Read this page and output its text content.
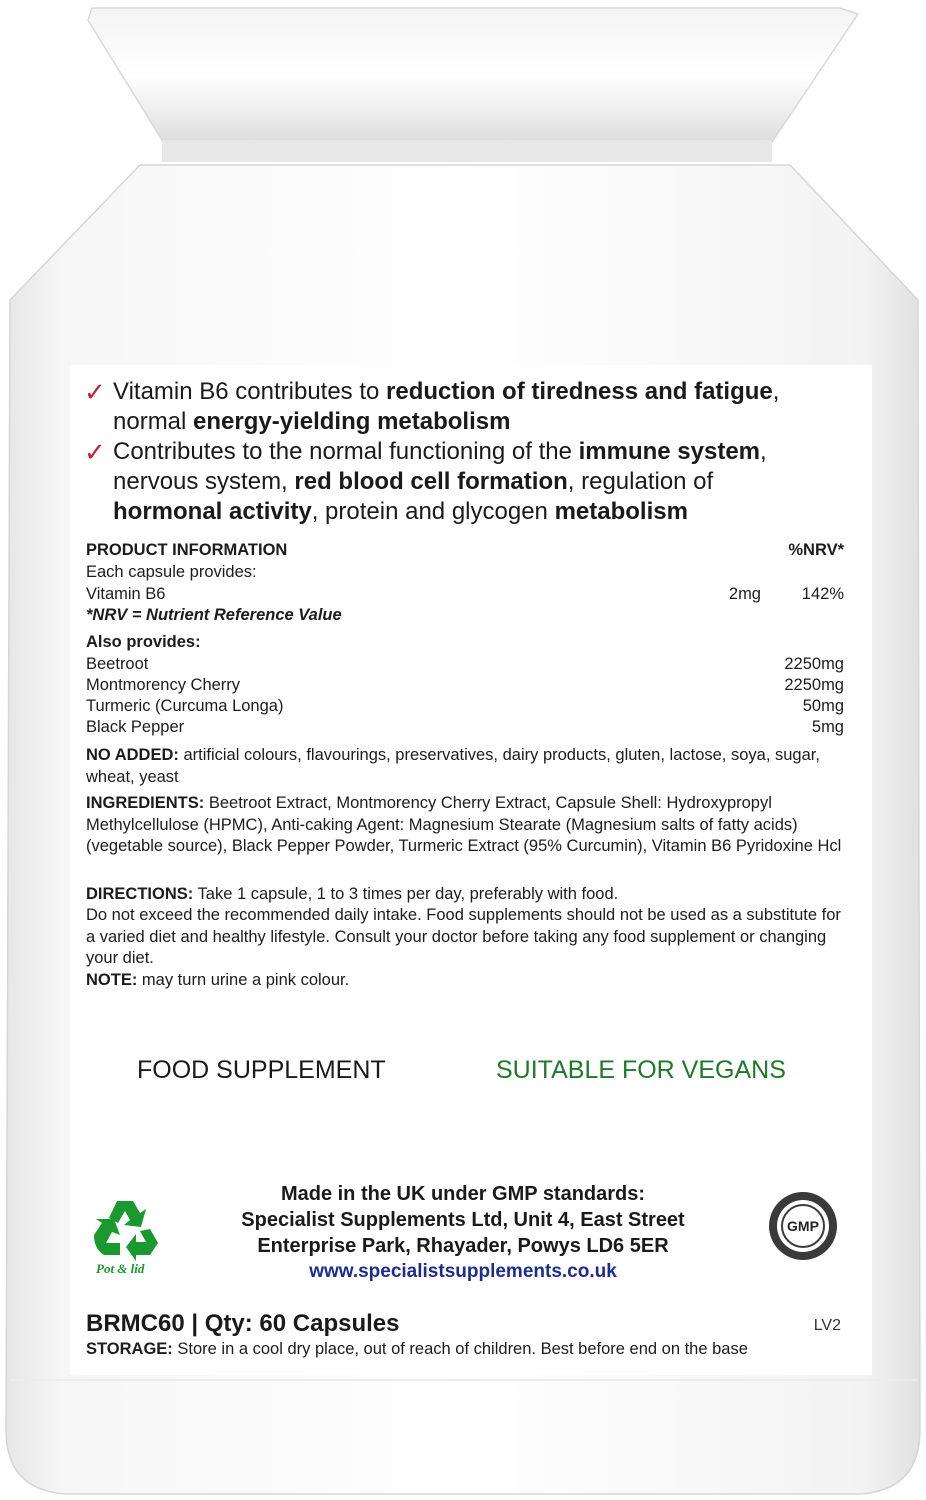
✓ Vitamin B6 contributes to reduction of tiredness and fatigue,
normal energy-yielding metabolism
✓ Contributes to the normal functioning of the immune system,
nervous system, red blood cell formation, regulation of
hormonal activity, protein and glycogen metabolism
PRODUCT INFORMATION	%NRV*
Each capsule provides:
Vitamin B6	2mg 142%
*NRV = Nutrient Reference Value
Also provides:
Beetroot	2250mg
Montmorency Cherry	2250mg
Turmeric (Curcuma Longa)	50mg
Black Pepper	5mg
NO ADDED: artificial colours, flavourings, preservatives, dairy products, gluten, lactose, soya, sugar, wheat, yeast
INGREDIENTS: Beetroot Extract, Montmorency Cherry Extract, Capsule Shell: Hydroxypropyl Methylcellulose (HPMC), Anti-caking Agent: Magnesium Stearate (Magnesium salts of fatty acids) (vegetable source), Black Pepper Powder, Turmeric Extract (95% Curcumin), Vitamin B6 Pyridoxine Hcl
DIRECTIONS: Take 1 capsule, 1 to 3 times per day, preferably with food.
Do not exceed the recommended daily intake. Food supplements should not be used as a substitute for a varied diet and healthy lifestyle. Consult your doctor before taking any food supplement or changing your diet.
NOTE: may turn urine a pink colour.
FOOD SUPPLEMENT	SUITABLE FOR VEGANS
Pot & lid
Made in the UK under GMP standards:
Specialist Supplements Ltd, Unit 4, East Street
Enterprise Park, Rhayader, Powys LD6 5ER
www.specialistsupplements.co.uk
GMP
BRMC60 | Qty: 60 Capsules	LV2
STORAGE: Store in a cool dry place, out of reach of children. Best before end on the base
